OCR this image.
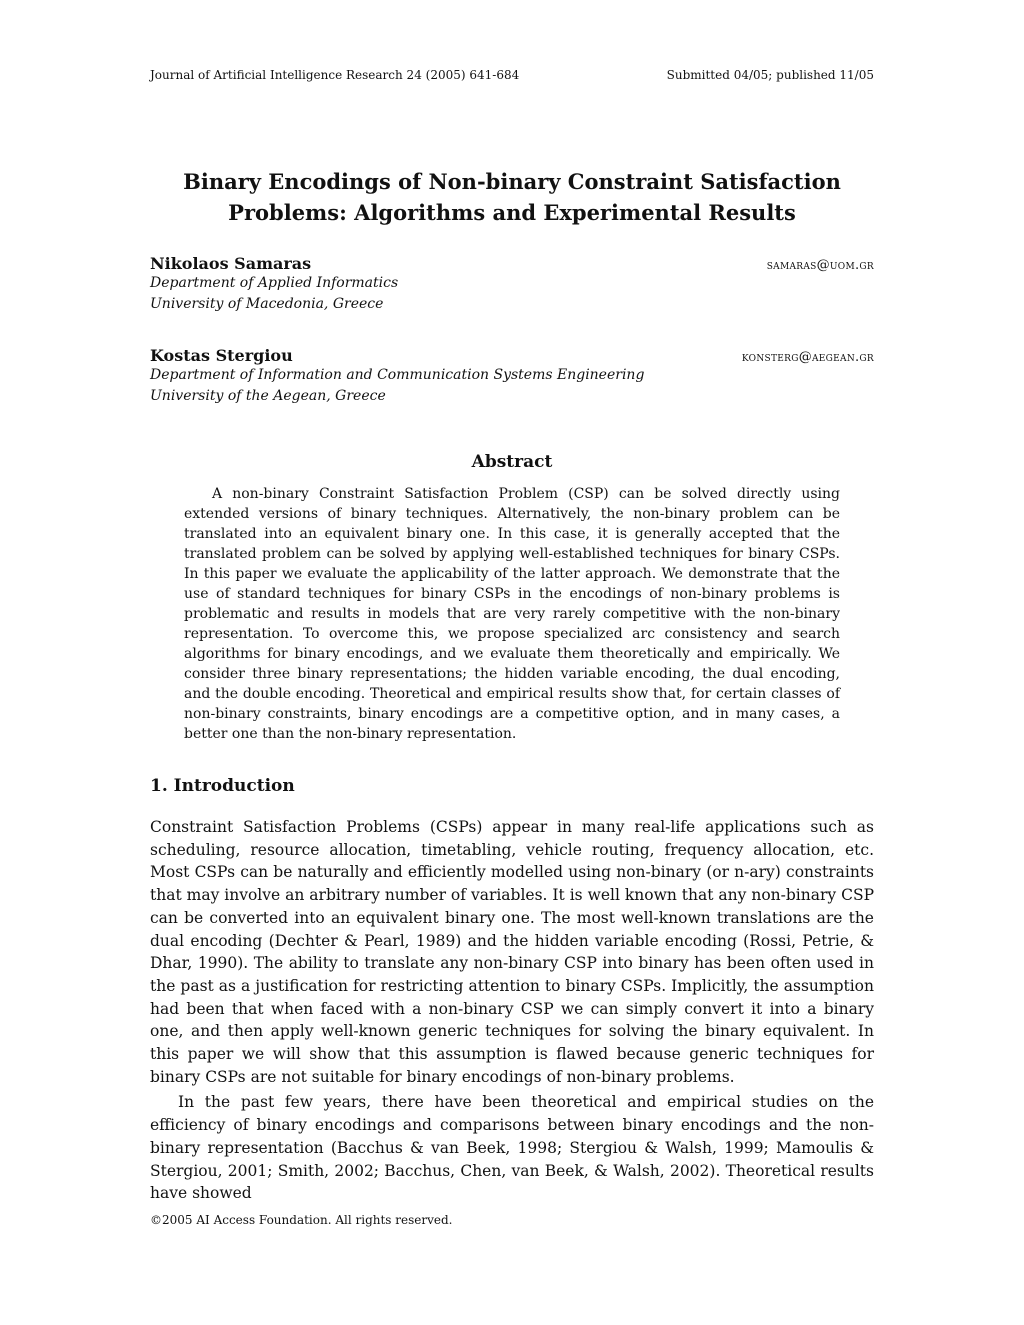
Journal of Artificial Intelligence Research 24 (2005) 641-684	Submitted 04/05; published 11/05
Binary Encodings of Non-binary Constraint Satisfaction
Problems: Algorithms and Experimental Results
Nikolaos Samaras	samaras@uom.gr
Department of Applied Informatics
University of Macedonia, Greece
Kostas Stergiou	konsterg@aegean.gr
Department of Information and Communication Systems Engineering
University of the Aegean, Greece
Abstract

A non-binary Constraint Satisfaction Problem (CSP) can be solved directly using extended versions of binary techniques. Alternatively, the non-binary problem can be translated into an equivalent binary one. In this case, it is generally accepted that the translated problem can be solved by applying well-established techniques for binary CSPs. In this paper we evaluate the applicability of the latter approach. We demonstrate that the use of standard techniques for binary CSPs in the encodings of non-binary problems is problematic and results in models that are very rarely competitive with the non-binary representation. To overcome this, we propose specialized arc consistency and search algorithms for binary encodings, and we evaluate them theoretically and empirically. We consider three binary representations; the hidden variable encoding, the dual encoding, and the double encoding. Theoretical and empirical results show that, for certain classes of non-binary constraints, binary encodings are a competitive option, and in many cases, a better one than the non-binary representation.

1. Introduction

Constraint Satisfaction Problems (CSPs) appear in many real-life applications such as scheduling, resource allocation, timetabling, vehicle routing, frequency allocation, etc. Most CSPs can be naturally and efficiently modelled using non-binary (or n-ary) constraints that may involve an arbitrary number of variables. It is well known that any non-binary CSP can be converted into an equivalent binary one. The most well-known translations are the dual encoding (Dechter & Pearl, 1989) and the hidden variable encoding (Rossi, Petrie, & Dhar, 1990). The ability to translate any non-binary CSP into binary has been often used in the past as a justification for restricting attention to binary CSPs. Implicitly, the assumption had been that when faced with a non-binary CSP we can simply convert it into a binary one, and then apply well-known generic techniques for solving the binary equivalent. In this paper we will show that this assumption is flawed because generic techniques for binary CSPs are not suitable for binary encodings of non-binary problems.

In the past few years, there have been theoretical and empirical studies on the efficiency of binary encodings and comparisons between binary encodings and the non-binary representation (Bacchus & van Beek, 1998; Stergiou & Walsh, 1999; Mamoulis & Stergiou, 2001; Smith, 2002; Bacchus, Chen, van Beek, & Walsh, 2002). Theoretical results have showed

©2005 AI Access Foundation. All rights reserved.
